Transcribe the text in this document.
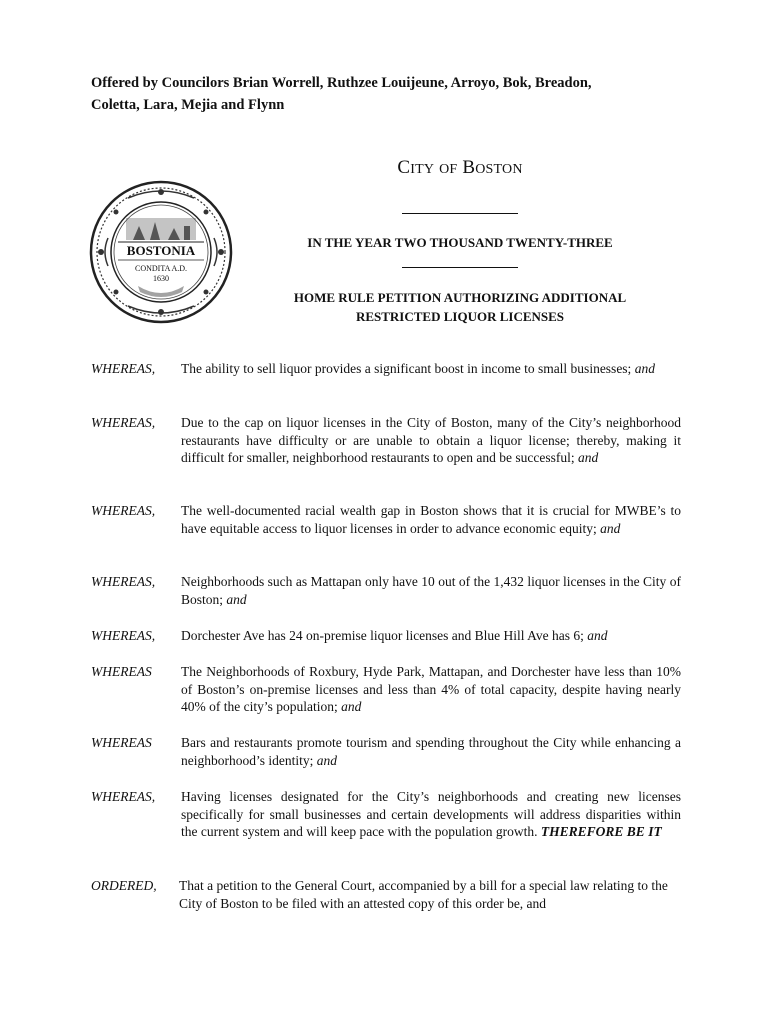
Offered by Councilors Brian Worrell, Ruthzee Louijeune, Arroyo, Bok, Breadon,
Coletta, Lara, Mejia and Flynn
BOSTONIA
CONDITA A.D.
1630
CITY OF BOSTON
IN THE YEAR TWO THOUSAND TWENTY-THREE
HOME RULE PETITION AUTHORIZING ADDITIONAL
RESTRICTED LIQUOR LICENSES
WHEREAS,	The ability to sell liquor provides a significant boost in income to small businesses; and
WHEREAS,	Due to the cap on liquor licenses in the City of Boston, many of the City’s neighborhood restaurants have difficulty or are unable to obtain a liquor license; thereby, making it difficult for smaller, neighborhood restaurants to open and be successful; and
WHEREAS,	The well-documented racial wealth gap in Boston shows that it is crucial for MWBE’s to have equitable access to liquor licenses in order to advance economic equity; and
WHEREAS,	Neighborhoods such as Mattapan only have 10 out of the 1,432 liquor licenses in the City of Boston; and
WHEREAS,	Dorchester Ave has 24 on-premise liquor licenses and Blue Hill Ave has 6; and
WHEREAS	The Neighborhoods of Roxbury, Hyde Park, Mattapan, and Dorchester have less than 10% of Boston’s on-premise licenses and less than 4% of total capacity, despite having nearly 40% of the city’s population; and
WHEREAS	Bars and restaurants promote tourism and spending throughout the City while enhancing a neighborhood’s identity; and
WHEREAS,	Having licenses designated for the City’s neighborhoods and creating new licenses specifically for small businesses and certain developments will address disparities within the current system and will keep pace with the population growth. THEREFORE BE IT
ORDERED,	That a petition to the General Court, accompanied by a bill for a special law relating to the City of Boston to be filed with an attested copy of this order be, and
